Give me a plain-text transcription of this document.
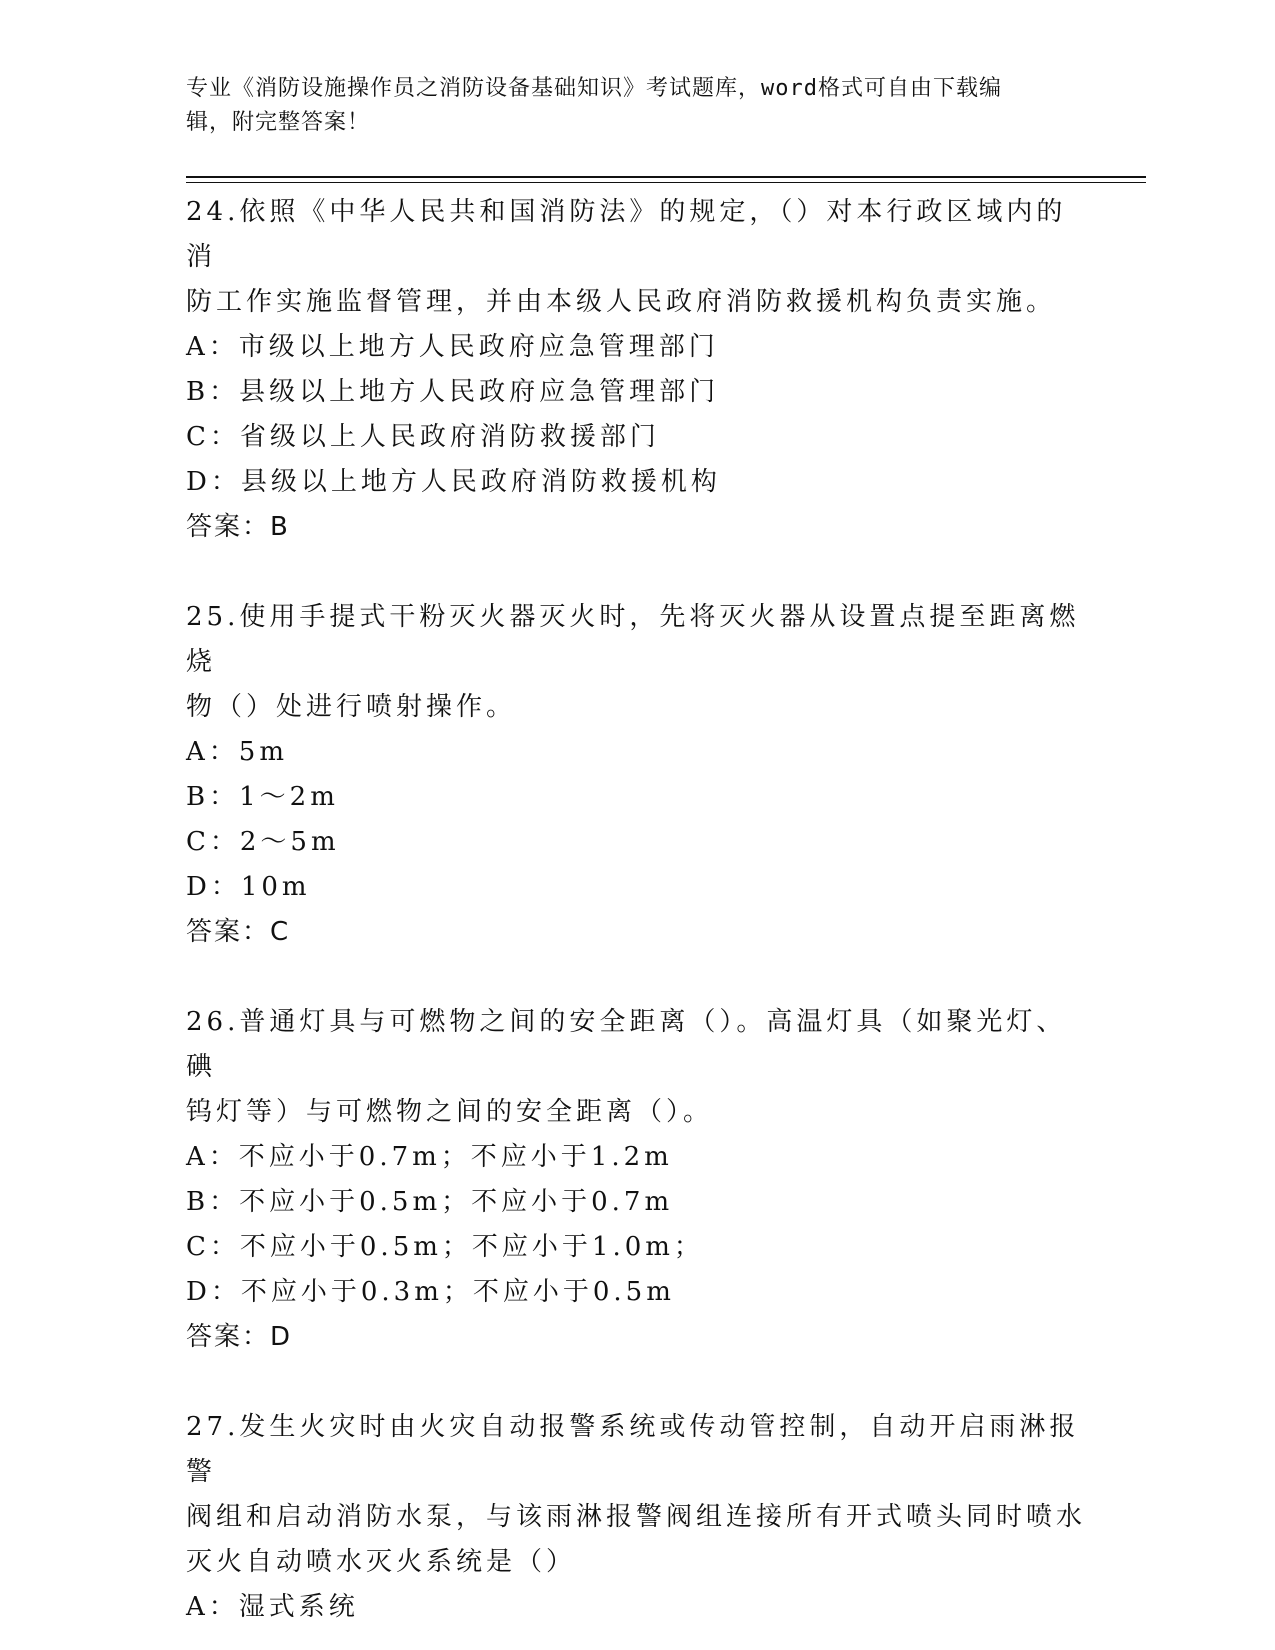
专业《消防设施操作员之消防设备基础知识》考试题库，word格式可自由下载编
辑，附完整答案！

24.依照《中华人民共和国消防法》的规定，（）对本行政区域内的消

防工作实施监督管理，并由本级人民政府消防救援机构负责实施。

A：市级以上地方人民政府应急管理部门

B：县级以上地方人民政府应急管理部门

C：省级以上人民政府消防救援部门

D：县级以上地方人民政府消防救援机构

答案：B

25.使用手提式干粉灭火器灭火时，先将灭火器从设置点提至距离燃烧

物（）处进行喷射操作。

A：5m

B：1～2m

C：2～5m

D：10m

答案：C

26.普通灯具与可燃物之间的安全距离（）。高温灯具（如聚光灯、碘

钨灯等）与可燃物之间的安全距离（）。

A：不应小于0.7m；不应小于1.2m

B：不应小于0.5m；不应小于0.7m

C：不应小于0.5m；不应小于1.0m；

D：不应小于0.3m；不应小于0.5m

答案：D

27.发生火灾时由火灾自动报警系统或传动管控制，自动开启雨淋报警

阀组和启动消防水泵，与该雨淋报警阀组连接所有开式喷头同时喷水

灭火自动喷水灭火系统是（）

A：湿式系统
